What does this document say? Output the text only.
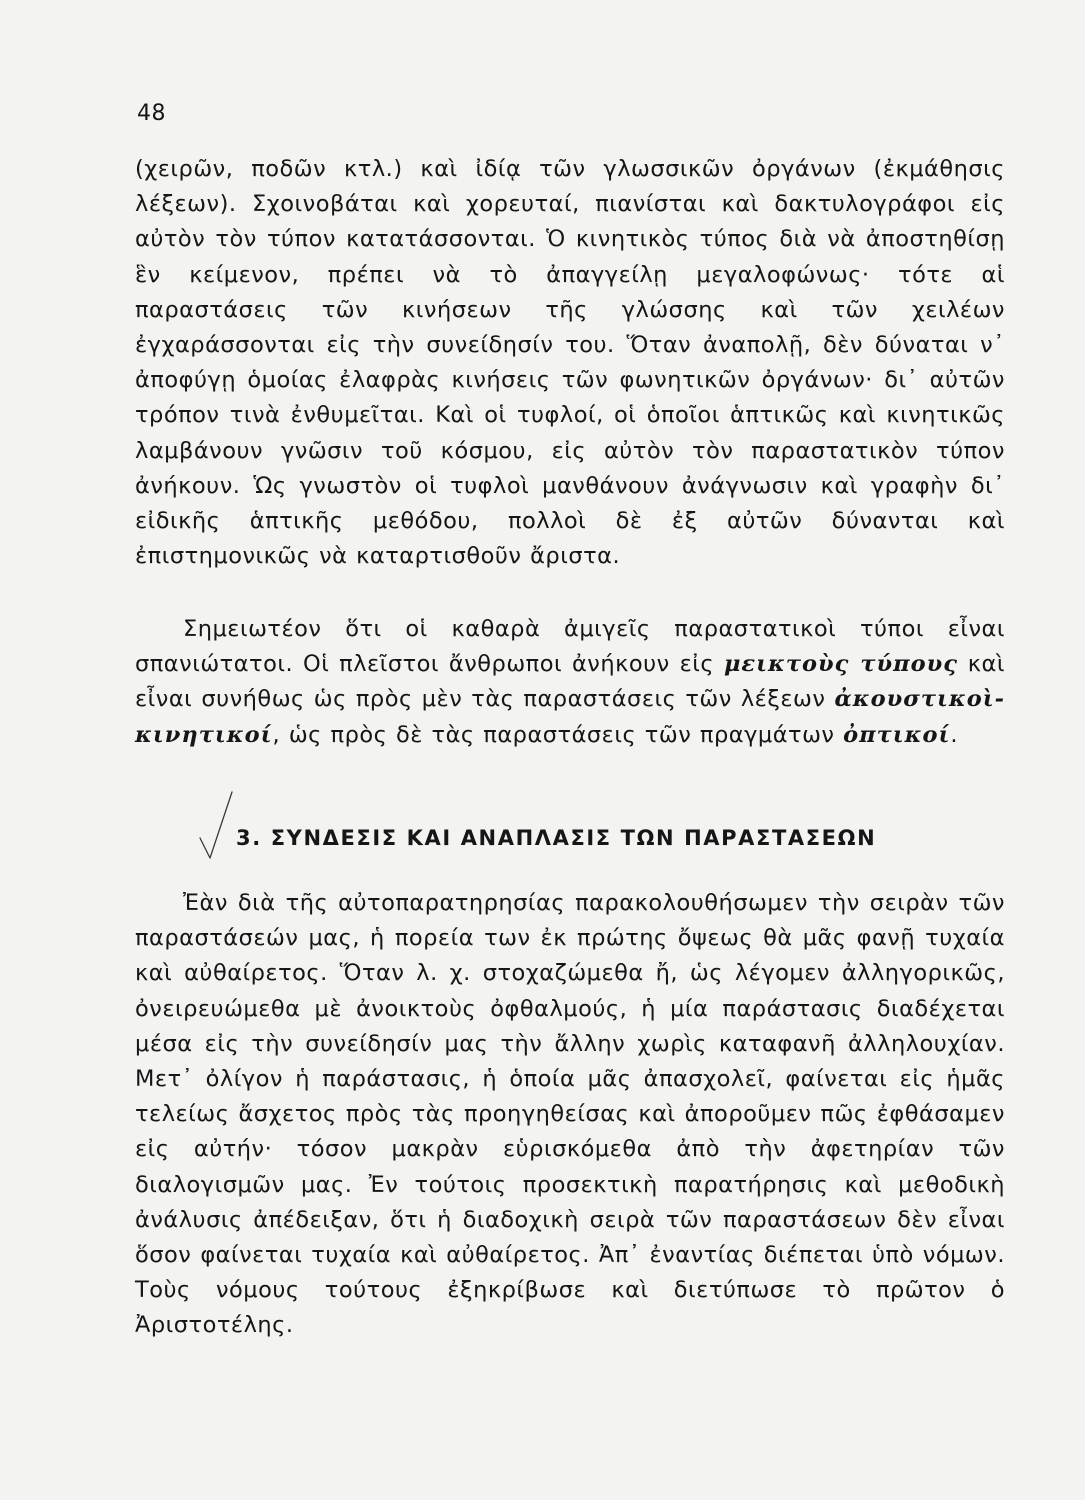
48

(χειρῶν, ποδῶν κτλ.) καὶ ἰδίᾳ τῶν γλωσσικῶν ὀργάνων (ἐκμάθησις λέξεων). Σχοινοβάται καὶ χορευταί, πιανίσται καὶ δακτυλογράφοι εἰς αὐτὸν τὸν τύπον κατατάσσονται. Ὁ κινητικὸς τύπος διὰ νὰ ἀποστηθίσῃ ἓν κείμενον, πρέπει νὰ τὸ ἀπαγγείλῃ μεγαλοφώνως· τότε αἱ παραστάσεις τῶν κινήσεων τῆς γλώσσης καὶ τῶν χειλέων ἐγχαράσσονται εἰς τὴν συνείδησίν του. Ὅταν ἀναπολῇ, δὲν δύναται ν᾽ ἀποφύγῃ ὁμοίας ἐλαφρὰς κινήσεις τῶν φωνητικῶν ὀργάνων· δι᾽ αὐτῶν τρόπον τινὰ ἐνθυμεῖται. Καὶ οἱ τυφλοί, οἱ ὁποῖοι ἁπτικῶς καὶ κινητικῶς λαμβάνουν γνῶσιν τοῦ κόσμου, εἰς αὐτὸν τὸν παραστατικὸν τύπον ἀνήκουν. Ὡς γνωστὸν οἱ τυφλοὶ μανθάνουν ἀνάγνωσιν καὶ γραφὴν δι᾽ εἰδικῆς ἁπτικῆς μεθόδου, πολλοὶ δὲ ἐξ αὐτῶν δύνανται καὶ ἐπιστημονικῶς νὰ καταρτισθοῦν ἄριστα.

Σημειωτέον ὅτι οἱ καθαρὰ ἀμιγεῖς παραστατικοὶ τύποι εἶναι σπανιώτατοι. Οἱ πλεῖστοι ἄνθρωποι ἀνήκουν εἰς μεικτοὺς τύπους καὶ εἶναι συνήθως ὡς πρὸς μὲν τὰς παραστάσεις τῶν λέξεων ἀκουστικοὶ-κινητικοί, ὡς πρὸς δὲ τὰς παραστάσεις τῶν πραγμάτων ὀπτικοί.

3. ΣΥΝΔΕΣΙΣ ΚΑΙ ΑΝΑΠΛΑΣΙΣ ΤΩΝ ΠΑΡΑΣΤΑΣΕΩΝ

Ἐὰν διὰ τῆς αὐτοπαρατηρησίας παρακολουθήσωμεν τὴν σειρὰν τῶν παραστάσεών μας, ἡ πορεία των ἐκ πρώτης ὄψεως θὰ μᾶς φανῇ τυχαία καὶ αὐθαίρετος. Ὅταν λ. χ. στοχαζώμεθα ἤ, ὡς λέγομεν ἀλληγορικῶς, ὀνειρευώμεθα μὲ ἀνοικτοὺς ὀφθαλμούς, ἡ μία παράστασις διαδέχεται μέσα εἰς τὴν συνείδησίν μας τὴν ἄλλην χωρὶς καταφανῆ ἀλληλουχίαν. Μετ᾽ ὀλίγον ἡ παράστασις, ἡ ὁποία μᾶς ἀπασχολεῖ, φαίνεται εἰς ἡμᾶς τελείως ἄσχετος πρὸς τὰς προηγηθείσας καὶ ἀποροῦμεν πῶς ἐφθάσαμεν εἰς αὐτήν· τόσον μακρὰν εὑρισκόμεθα ἀπὸ τὴν ἀφετηρίαν τῶν διαλογισμῶν μας. Ἐν τούτοις προσεκτικὴ παρατήρησις καὶ μεθοδικὴ ἀνάλυσις ἀπέδειξαν, ὅτι ἡ διαδοχικὴ σειρὰ τῶν παραστάσεων δὲν εἶναι ὅσον φαίνεται τυχαία καὶ αὐθαίρετος. Ἀπ᾽ ἐναντίας διέπεται ὑπὸ νόμων. Τοὺς νόμους τούτους ἐξηκρίβωσε καὶ διετύπωσε τὸ πρῶτον ὁ Ἀριστοτέλης.
